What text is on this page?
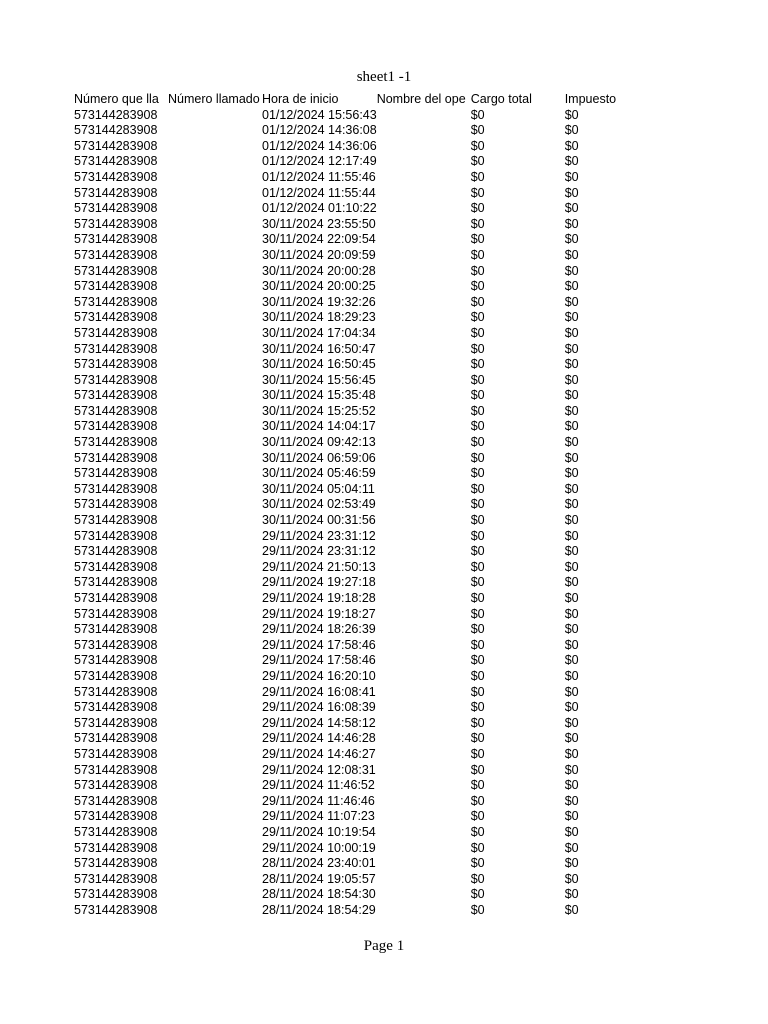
sheet1 -1
Número que lla	Número llamado	Hora de inicio	Nombre del ope	Cargo total	Impuesto
573144283908		01/12/2024 15:56:43		$0	$0
573144283908		01/12/2024 14:36:08		$0	$0
573144283908		01/12/2024 14:36:06		$0	$0
573144283908		01/12/2024 12:17:49		$0	$0
573144283908		01/12/2024 11:55:46		$0	$0
573144283908		01/12/2024 11:55:44		$0	$0
573144283908		01/12/2024 01:10:22		$0	$0
573144283908		30/11/2024 23:55:50		$0	$0
573144283908		30/11/2024 22:09:54		$0	$0
573144283908		30/11/2024 20:09:59		$0	$0
573144283908		30/11/2024 20:00:28		$0	$0
573144283908		30/11/2024 20:00:25		$0	$0
573144283908		30/11/2024 19:32:26		$0	$0
573144283908		30/11/2024 18:29:23		$0	$0
573144283908		30/11/2024 17:04:34		$0	$0
573144283908		30/11/2024 16:50:47		$0	$0
573144283908		30/11/2024 16:50:45		$0	$0
573144283908		30/11/2024 15:56:45		$0	$0
573144283908		30/11/2024 15:35:48		$0	$0
573144283908		30/11/2024 15:25:52		$0	$0
573144283908		30/11/2024 14:04:17		$0	$0
573144283908		30/11/2024 09:42:13		$0	$0
573144283908		30/11/2024 06:59:06		$0	$0
573144283908		30/11/2024 05:46:59		$0	$0
573144283908		30/11/2024 05:04:11		$0	$0
573144283908		30/11/2024 02:53:49		$0	$0
573144283908		30/11/2024 00:31:56		$0	$0
573144283908		29/11/2024 23:31:12		$0	$0
573144283908		29/11/2024 23:31:12		$0	$0
573144283908		29/11/2024 21:50:13		$0	$0
573144283908		29/11/2024 19:27:18		$0	$0
573144283908		29/11/2024 19:18:28		$0	$0
573144283908		29/11/2024 19:18:27		$0	$0
573144283908		29/11/2024 18:26:39		$0	$0
573144283908		29/11/2024 17:58:46		$0	$0
573144283908		29/11/2024 17:58:46		$0	$0
573144283908		29/11/2024 16:20:10		$0	$0
573144283908		29/11/2024 16:08:41		$0	$0
573144283908		29/11/2024 16:08:39		$0	$0
573144283908		29/11/2024 14:58:12		$0	$0
573144283908		29/11/2024 14:46:28		$0	$0
573144283908		29/11/2024 14:46:27		$0	$0
573144283908		29/11/2024 12:08:31		$0	$0
573144283908		29/11/2024 11:46:52		$0	$0
573144283908		29/11/2024 11:46:46		$0	$0
573144283908		29/11/2024 11:07:23		$0	$0
573144283908		29/11/2024 10:19:54		$0	$0
573144283908		29/11/2024 10:00:19		$0	$0
573144283908		28/11/2024 23:40:01		$0	$0
573144283908		28/11/2024 19:05:57		$0	$0
573144283908		28/11/2024 18:54:30		$0	$0
573144283908		28/11/2024 18:54:29		$0	$0
Page 1
